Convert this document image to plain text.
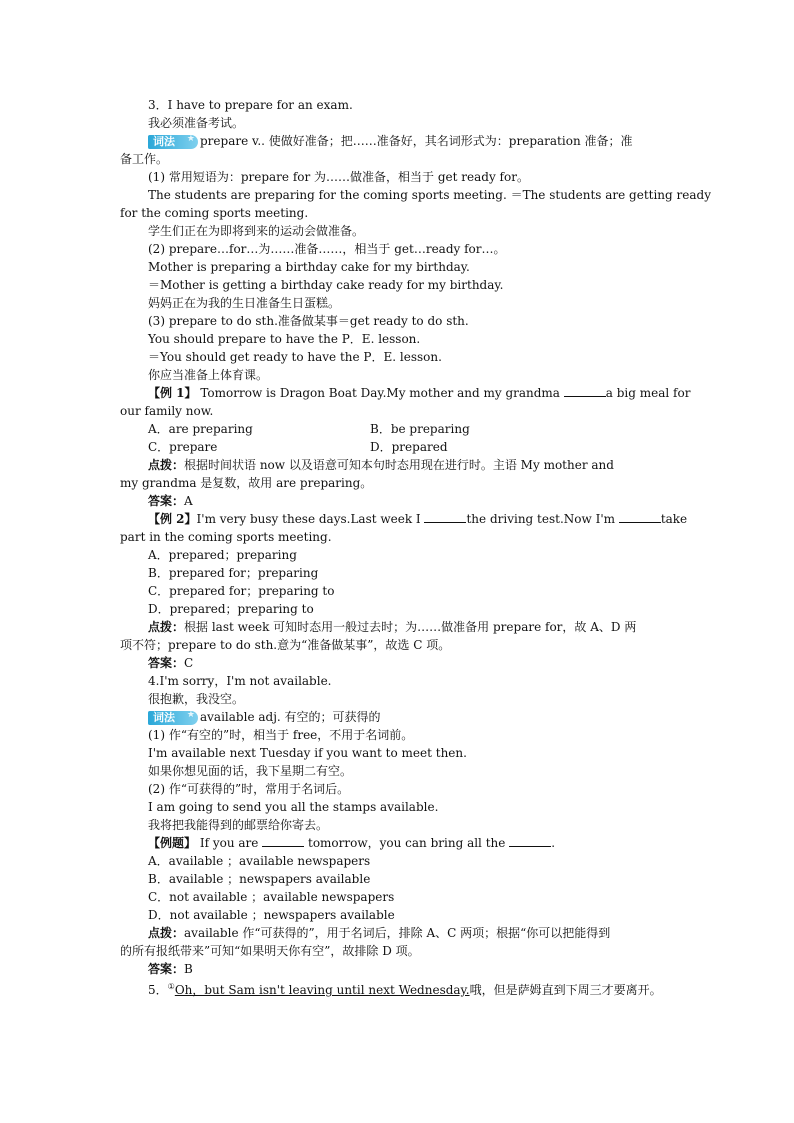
3．I have to prepare for an exam.
我必须准备考试。
词法 ★ prepare v.. 使做好准备；把……准备好，其名词形式为：preparation 准备；准
备工作。
(1) 常用短语为：prepare for 为……做准备，相当于 get ready for。
The students are preparing for the coming sports meeting. ＝The students are getting ready
for the coming sports meeting.
学生们正在为即将到来的运动会做准备。
(2) prepare…for…为……准备……，相当于 get…ready for…。
Mother is preparing a birthday cake for my birthday.
＝Mother is getting a birthday cake ready for my birthday.
妈妈正在为我的生日准备生日蛋糕。
(3) prepare to do sth.准备做某事＝get ready to do sth.
You should prepare to have the P．E. lesson.
＝You should get ready to have the P．E. lesson.
你应当准备上体育课。
【例 1】 Tomorrow is Dragon Boat Day.My mother and my grandma	a big meal for
our family now.
A．are preparing	B．be preparing
C．prepare	D．prepared
点拨：根据时间状语 now 以及语意可知本句时态用现在进行时。主语 My mother and
my grandma 是复数，故用 are preparing。
答案：A
【例 2】I'm very busy these days.Last week I	the driving test.Now I'm	take
part in the coming sports meeting.
A．prepared；preparing
B．prepared for；preparing
C．prepared for；preparing to
D．prepared；preparing to
点拨：根据 last week 可知时态用一般过去时；为……做准备用 prepare for，故 A、D 两
项不符；prepare to do sth.意为“准备做某事”，故选 C 项。
答案：C
4.I'm sorry，I'm not available.
很抱歉，我没空。
词法 ★ available adj. 有空的；可获得的
(1) 作“有空的”时，相当于 free，不用于名词前。
I'm available next Tuesday if you want to meet then.
如果你想见面的话，我下星期二有空。
(2) 作“可获得的”时，常用于名词后。
I am going to send you all the stamps available.
我将把我能得到的邮票给你寄去。
【例题】 If you are	tomorrow，you can bring all the	.
A．available ；available newspapers
B．available ；newspapers available
C．not available ；available newspapers
D．not available ；newspapers available
点拨：available 作“可获得的”，用于名词后，排除 A、C 两项；根据“你可以把能得到
的所有报纸带来”可知“如果明天你有空”，故排除 D 项。
答案：B
5．①Oh，but Sam isn't leaving until next Wednesday.哦，但是萨姆直到下周三才要离开。
